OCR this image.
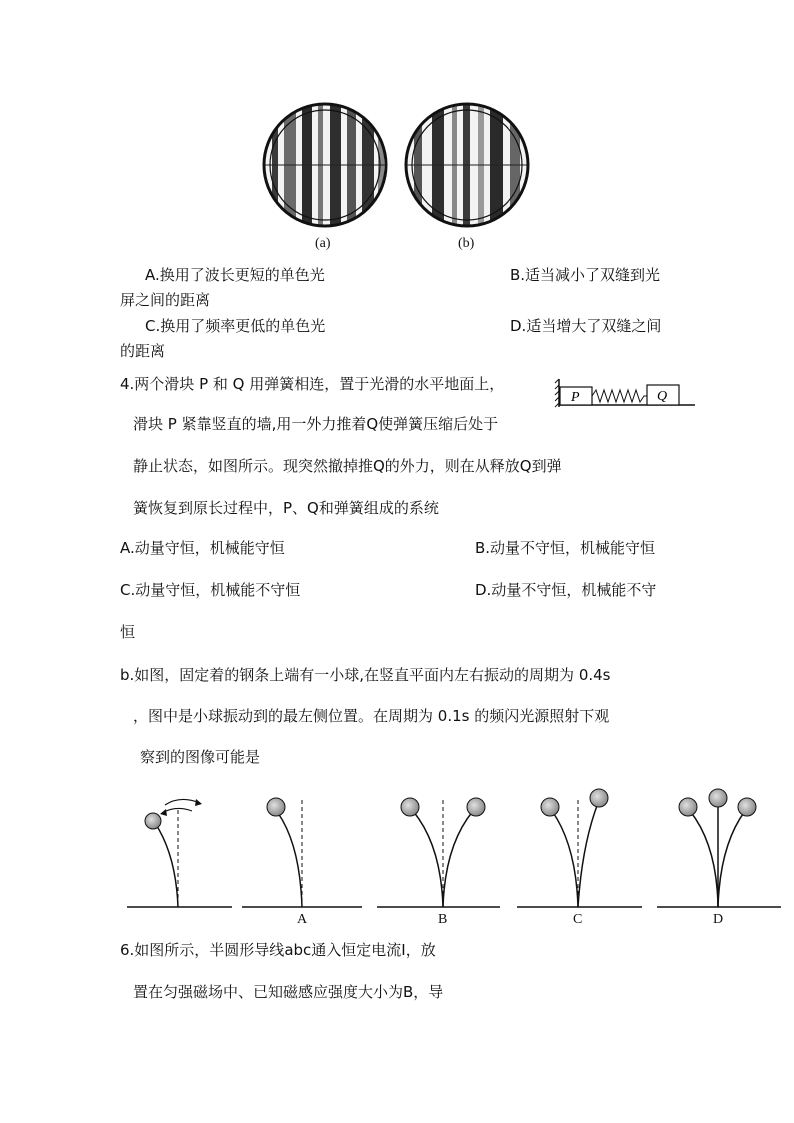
(a)	(b)
A.换用了波长更短的单色光	B.适当减小了双缝到光
屏之间的距离
C.换用了频率更低的单色光	D.适当增大了双缝之间
的距离
4.两个滑块 P 和 Q 用弹簧相连，置于光滑的水平地面上，
滑块 P 紧靠竖直的墙,用一外力推着Q使弹簧压缩后处于
静止状态，如图所示。现突然撤掉推Q的外力，则在从释放Q到弹
簧恢复到原长过程中，P、Q和弹簧组成的系统
P	Q
A.动量守恒，机械能守恒	B.动量不守恒，机械能守恒
C.动量守恒，机械能不守恒	D.动量不守恒，机械能不守
恒
b.如图，固定着的钢条上端有一小球,在竖直平面内左右振动的周期为 0.4s
，图中是小球振动到的最左侧位置。在周期为 0.1s 的频闪光源照射下观
察到的图像可能是
A	B	C	D
6.如图所示，半圆形导线abc通入恒定电流I，放
置在匀强磁场中、已知磁感应强度大小为B，导
